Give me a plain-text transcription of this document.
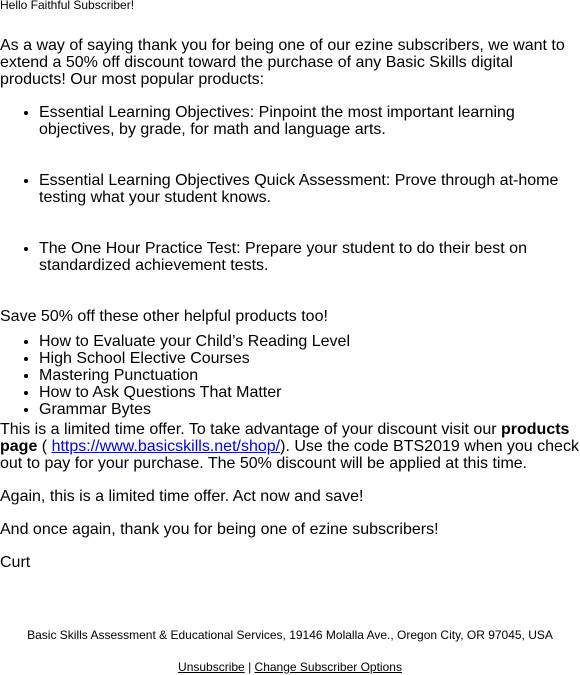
Hello Faithful Subscriber!

As a way of saying thank you for being one of our ezine subscribers, we want to extend a 50% off discount toward the purchase of any Basic Skills digital products! Our most popular products:

• Essential Learning Objectives: Pinpoint the most important learning objectives, by grade, for math and language arts.
• Essential Learning Objectives Quick Assessment: Prove through at-home testing what your student knows.
• The One Hour Practice Test: Prepare your student to do their best on standardized achievement tests.

Save 50% off these other helpful products too!

• How to Evaluate your Child’s Reading Level
• High School Elective Courses
• Mastering Punctuation
• How to Ask Questions That Matter
• Grammar Bytes

This is a limited time offer. To take advantage of your discount visit our products page ( https://www.basicskills.net/shop/). Use the code BTS2019 when you check out to pay for your purchase. The 50% discount will be applied at this time.

Again, this is a limited time offer. Act now and save!

And once again, thank you for being one of ezine subscribers!

Curt

Basic Skills Assessment & Educational Services, 19146 Molalla Ave., Oregon City, OR 97045, USA

Unsubscribe | Change Subscriber Options
